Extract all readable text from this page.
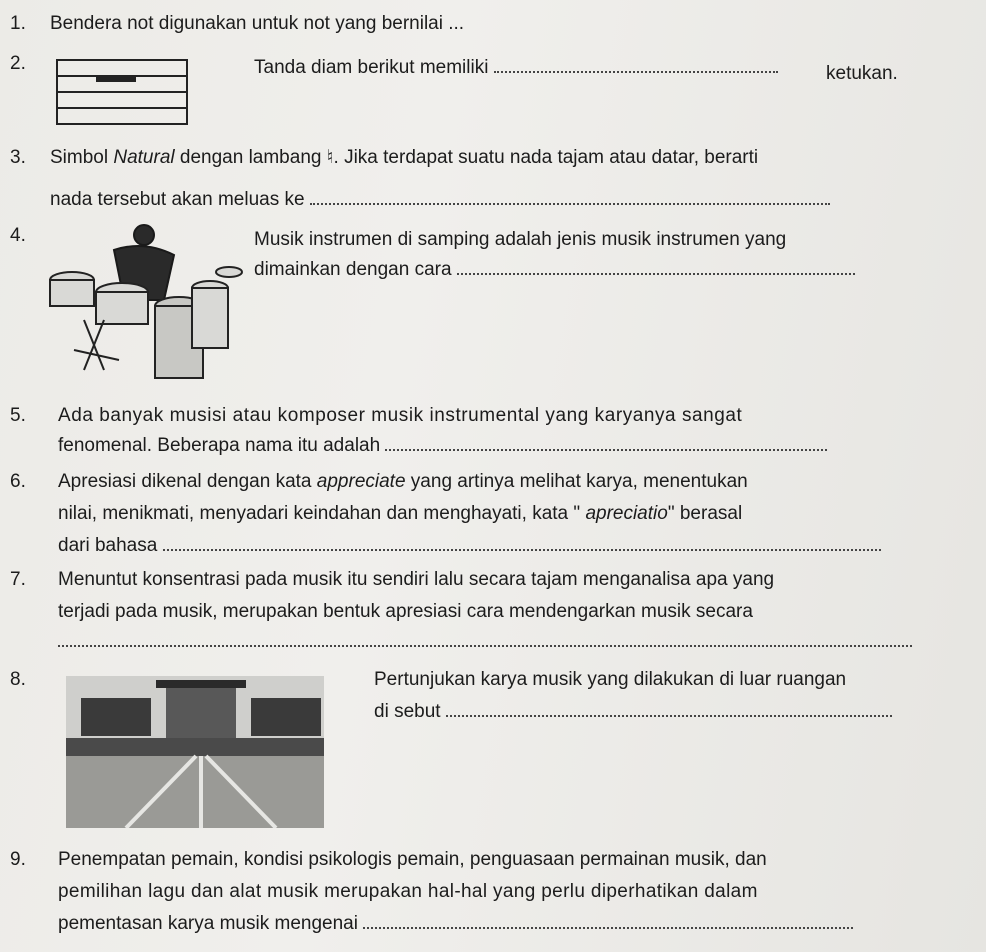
1. Bendera not digunakan untuk not yang bernilai ...
2.	Tanda diam berikut memiliki	ketukan.
3. Simbol Natural dengan lambang ♮. Jika terdapat suatu nada tajam atau datar, berarti
nada tersebut akan meluas ke
4.	Musik instrumen di samping adalah jenis musik instrumen yang
dimainkan dengan cara
5. Ada banyak musisi atau komposer musik instrumental yang karyanya sangat
fenomenal. Beberapa nama itu adalah
6. Apresiasi dikenal dengan kata appreciate yang artinya melihat karya, menentukan
nilai, menikmati, menyadari keindahan dan menghayati, kata " apreciatio" berasal
dari bahasa
7. Menuntut konsentrasi pada musik itu sendiri lalu secara tajam menganalisa apa yang
terjadi pada musik, merupakan bentuk apresiasi cara mendengarkan musik secara
8.	Pertunjukan karya musik yang dilakukan di luar ruangan
di sebut
9. Penempatan pemain, kondisi psikologis pemain, penguasaan permainan musik, dan
pemilihan lagu dan alat musik merupakan hal-hal yang perlu diperhatikan dalam
pementasan karya musik mengenai
